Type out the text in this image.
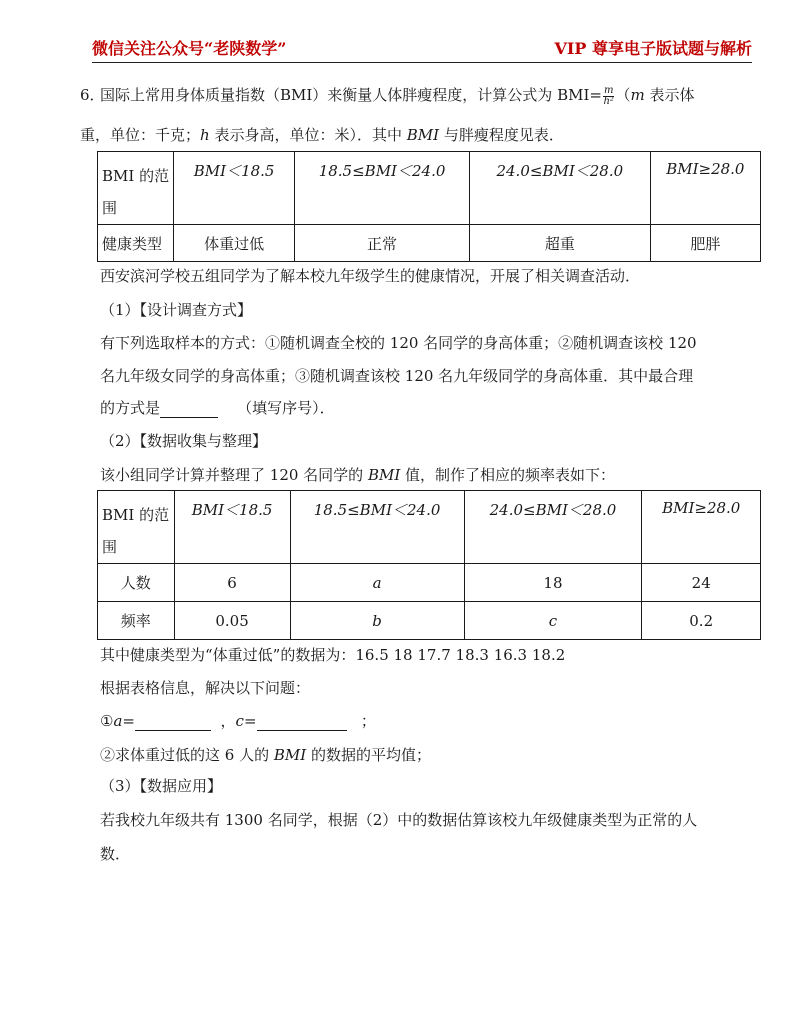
微信关注公众号“老陕数学”	VIP 尊享电子版试题与解析
6．
国际上常用身体质量指数（BMI）来衡量人体胖瘦程度，计算公式为 $BMI= \frac{m}{\text{h²}} (m$ 表示体
重，单位：千克；h 表示身高，单位：米）．其中 BMI 与胖瘦程度见表．
BMI 的范围	BMI＜18.5	18.5≤BMI＜24.0	24.0≤BMI＜28.0	BMI≥28.0
健康类型	体重过低	正常	超重	肥胖
西安滨河学校五组同学为了解本校九年级学生的健康情况，开展了相关调查活动．
（1）【设计调查方式】
有下列选取样本的方式：①随机调查全校的 120 名同学的身高体重；②随机调查该校 120
名九年级女同学的身高体重；③随机调查该校 120 名九年级同学的身高体重．其中最合理
的方式是	（填写序号）．
（2）【数据收集与整理】
该小组同学计算并整理了 120 名同学的 BMI 值，制作了相应的频率表如下：
BMI 的范围	BMI＜18.5	18.5≤BMI＜24.0	24.0≤BMI＜28.0	BMI≥28.0
人数	6	a	18	24
频率	0.05	b	c	0.2
其中健康类型为“体重过低”的数据为：16.5 18 17.7 18.3 16.3 18.2
根据表格信息，解决以下问题：
①a=	，c=	；
②求体重过低的这 6 人的 BMI 的数据的平均值；
（3）【数据应用】
若我校九年级共有 1300 名同学，根据（2）中的数据估算该校九年级健康类型为正常的人
数．
